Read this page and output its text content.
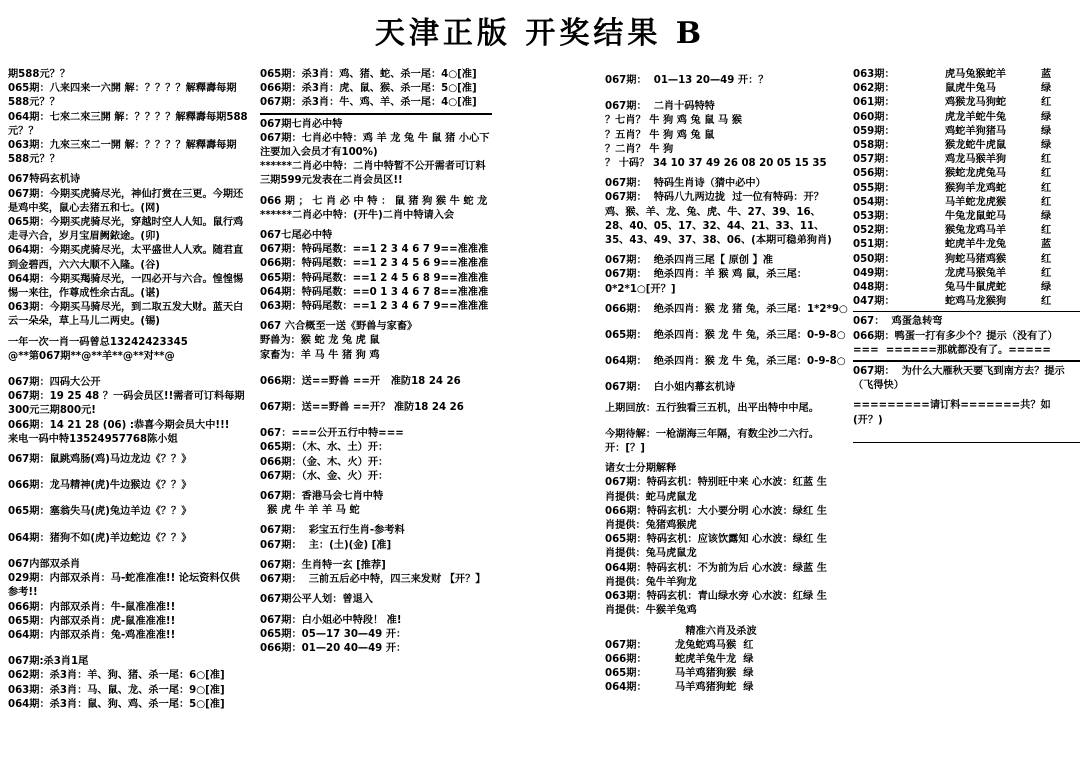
天津正版 开奖结果 B
期588元？？
065期：八来四来一六開 解：？？？？解釋壽每期588元？？
064期：七來二來三開 解：？？？？解釋壽每期588元？？
063期：九來三來二一開 解：？？？？解釋壽每期588元？？
067特码玄机诗
067期：今期买虎骑尽光，神仙打赏在三更。今期还是鸡中奖，鼠心去猪五和七。(网)
065期：今期买虎骑尽光，穿越时空人人知。鼠行鸡走寻六合，岁月宝眉阙銥途。(卯)
064期：今期买虎骑尽光，太平盛世人人欢。随君直到金碧西，六六大顺不入隆。(谷)
064期：今期买羯骑尽光，一四必开与六合。惶惶惕惕一来往，作尊成性余古乱。(谌)
063期：今期买马骑尽光，到二取五发大财。蓝天白云一朵朵，草上马儿二两史。(锡)
一年一次一肖一码曾总13242423345
@**第067期**@**羊**@**对**@
067期：四码大公开
067期：19 25 48 ？一码会员区!!需者可订料每期300元三期800元!
066期：14 21 28 (06) :恭喜今期会员大中!!!
来电一码中特13524957768陈小姐
067期：鼠跳鸡肠(鸡)马边龙边《？？》
066期：龙马精神(虎)牛边猴边《？？》
065期：塞翁失马(虎)兔边羊边《？？》
064期：猪狗不如(虎)羊边蛇边《？？》
067内部双杀肖
029期：内部双杀肖：马-蛇准准准!! 论坛资料仅供参考!!
066期：内部双杀肖：牛-鼠准准准!!
065期：内部双杀肖：虎-鼠准准准!!
064期：内部双杀肖：兔-鸡准准准!!
067期:杀3肖1尾
062期：杀3肖：羊、狗、猪、杀一尾：6○[准]
063期：杀3肖：马、鼠、龙、杀一尾：9○[准]
064期：杀3肖：鼠、狗、鸡、杀一尾：5○[准]
065期：杀3肖：鸡、猪、蛇、杀一尾：4○[准]
066期：杀3肖：虎、鼠、猴、杀一尾：5○[准]
067期：杀3肖：牛、鸡、羊、杀一尾：4○[准]
067期七肖必中特
067期：七肖必中特：鸡 羊 龙 兔 牛 鼠 猪 小心下注要加入会员才有100%)
******二肖必中特：二肖中特暂不公开需者可订料三期599元发表在二肖会员区!!
066 期 ； 七 肖 必 中 特 ： 鼠 猪 狗 猴 牛 蛇 龙  ******二肖必中特：(开牛)二肖中特请入会
067七尾必中特
067期：特码尾数：==1 2 3 4 6 7 9==准准准
066期：特码尾数：==1 2 3 4 5 6 9==准准准
065期：特码尾数：==1 2 4 5 6 8 9==准准准
064期：特码尾数：==0 1 3 4 6 7 8==准准准
063期：特码尾数：==1 2 3 4 6 7 9==准准准
067 六合概至一送《野兽与家畜》
野兽为：猴 蛇 龙 兔 虎 鼠
家畜为：羊 马 牛 猪 狗 鸡
066期：送==野兽 ==开   准防18 24 26
067期：送==野兽 ==开？ 准防18 24 26
067：===公开五行中特===
065期：（木、水、土）开：
066期：（金、木、火）开：
067期：（水、金、火）开：
067期：香港马会七肖中特
猴 虎 牛 羊 羊 马 蛇
067期：  彩宝五行生肖-参考料
067期：  主：(土)(金) [准]
067期：生肖特一玄 [推荐]
067期：  三前五后必中特，四三来发财 【开？】
067期公平人划：曾退入
067期：白小姐必中特段！ 准!
065期：05—17 30—49 开：
066期：01—20 40—49 开：
067期：  01—13 20—49 开：？
067期：  二肖十码特特
？七肖？ 牛 狗 鸡 兔 鼠 马 猴
？五肖？ 牛 狗 鸡 兔 鼠
？二肖？ 牛 狗
？ 十码？ 34 10 37 49 26 08 20 05 15 35
067期：  特码生肖诗（猜中必中）
067期：  特码八九两边拢  过一位有特码：开？鸡、猴、羊、龙、兔、虎、牛、27、39、16、28、40、05、17、32、44、21、33、11、35、43、49、37、38、06、(本期可稳弟狗肖)
067期：  绝杀四肖三尾【 原创 】准
067期：  绝杀四肖：羊 猴 鸡 鼠，杀三尾：0*2*1○[开？]
066期：  绝杀四肖：猴 龙 猪 兔，杀三尾：1*2*9○
065期：  绝杀四肖：猴 龙 牛 兔，杀三尾：0-9-8○
064期：  绝杀四肖：猴 龙 牛 兔，杀三尾：0-9-8○
067期：  白小姐内幕玄机诗
上期回放：五行独看三五机，出平出特中中尾。
今期待解：一枪湖海三年隔，有数尘沙二六行。开：[？]
诸女士分期解释
067期：特码玄机：特别旺中来 心水波：红蓝 生肖提供：蛇马虎鼠龙
066期：特码玄机：大小要分明 心水波：绿红 生肖提供：兔猪鸡猴虎
065期：特码玄机：应该饮露知 心水波：绿红 生肖提供：兔马虎鼠龙
064期：特码玄机：不为前为后 心水波：绿蓝 生肖提供：兔牛羊狗龙
063期：特码玄机：青山绿水旁 心水波：红绿 生肖提供：牛猴羊兔鸡
精准六肖及杀波
067期：        龙兔蛇鸡马猴  红
066期：        蛇虎羊兔牛龙  绿
065期：        马羊鸡猪狗猴  绿
064期：        马羊鸡猪狗蛇  绿
063期：	虎马兔猴蛇羊	蓝
062期：	鼠虎牛兔马	绿
061期：	鸡猴龙马狗蛇	红
060期：	虎龙羊蛇牛兔	绿
059期：	鸡蛇羊狗猪马	绿
058期：	猴龙蛇牛虎鼠	绿
057期：	鸡龙马猴羊狗	红
056期：	猴蛇龙虎兔马	红
055期：	猴狗羊龙鸡蛇	红
054期：	马羊蛇龙虎猴	红
053期：	牛兔龙鼠蛇马	绿
052期：	猴兔龙鸡马羊	红
051期：	蛇虎羊牛龙兔	蓝
050期：	狗蛇马猪鸡猴	红
049期：	龙虎马猴兔羊	红
048期：	兔马牛鼠虎蛇	绿
047期：	蛇鸡马龙猴狗	红
067：  鸡蛋急转弯
066期：鸭蛋一打有多少个？提示（没有了）===  ======那就都没有了。=====
067期：  为什么大雁秋天要飞到南方去？提示（飞得快）
=========请订料=======共？如(开？)
